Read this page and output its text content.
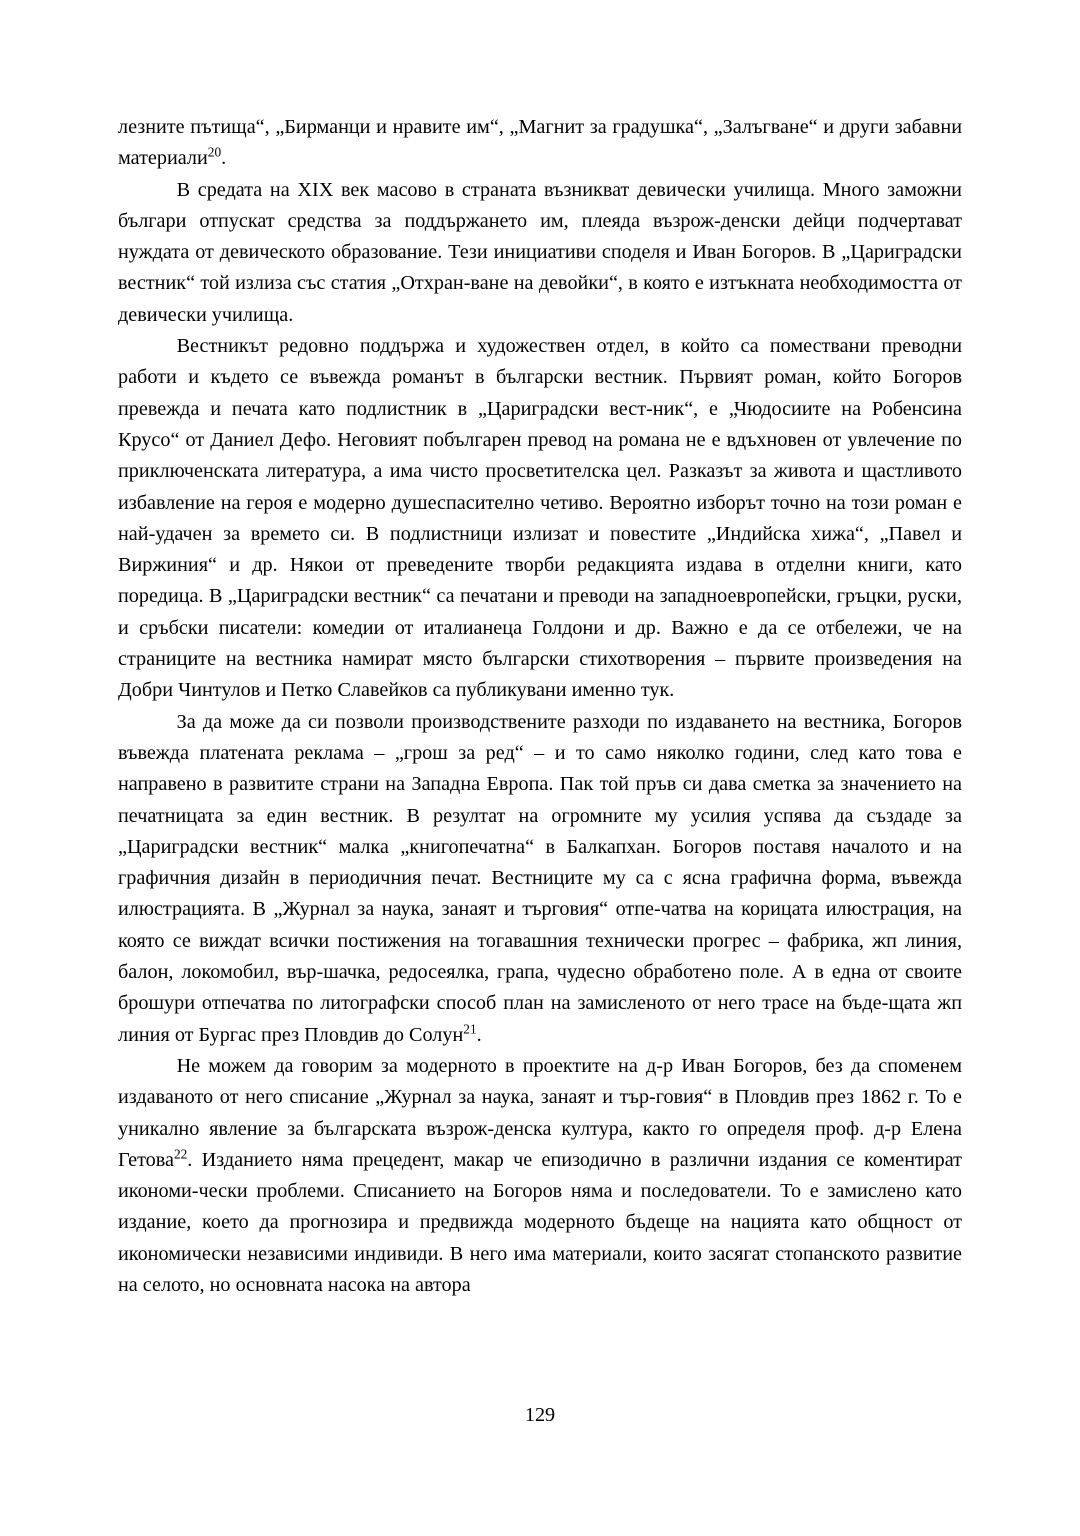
лезните пътища“, „Бирманци и нравите им“, „Магнит за градушка“, „Залъгване“ и други забавни материали$^{20}$.

В средата на XIX век масово в страната възникват девически училища. Много заможни българи отпускат средства за поддържането им, плеяда възрож‑денски дейци подчертават нуждата от девическото образование. Тези инициативи споделя и Иван Богоров. В „Цариградски вестник“ той излиза със статия „Отхран‑ване на девойки“, в която е изтъкната необходимостта от девически училища.

Вестникът редовно поддържа и художествен отдел, в който са помествани преводни работи и където се въвежда романът в български вестник. Първият роман, който Богоров превежда и печата като подлистник в „Цариградски вест‑ник“, е „Чюдосиите на Робенсина Крусо“ от Даниел Дефо. Неговият побългарен превод на романа не е вдъхновен от увлечение по приключенската литература, а има чисто просветителска цел. Разказът за живота и щастливото избавление на героя е модерно душеспасително четиво. Вероятно изборът точно на този роман е най-удачен за времето си. В подлистници излизат и повестите „Индийска хижа“, „Павел и Виржиния“ и др. Някои от преведените творби редакцията издава в отделни книги, като поредица. В „Цариградски вестник“ са печатани и преводи на западноевропейски, гръцки, руски, и сръбски писатели: комедии от италианеца Голдони и др. Важно е да се отбележи, че на страниците на вестника намират място български стихотворения – първите произведения на Добри Чинтулов и Петко Славейков са публикувани именно тук.

За да може да си позволи производствените разходи по издаването на вестника, Богоров въвежда платената реклама – „грош за ред“ – и то само няколко години, след като това е направено в развитите страни на Западна Европа. Пак той пръв си дава сметка за значението на печатницата за един вестник. В резултат на огромните му усилия успява да създаде за „Цариградски вестник“ малка „книгопечатна“ в Балкапхан. Богоров поставя началото и на графичния дизайн в периодичния печат. Вестниците му са с ясна графична форма, въвежда илюстрацията. В „Журнал за наука, занаят и търговия“ отпе‑чатва на корицата илюстрация, на която се виждат всички постижения на тогавашния технически прогрес – фабрика, жп линия, балон, локомобил, вър‑шачка, редосеялка, грапа, чудесно обработено поле. А в една от своите брошури отпечатва по литографски способ план на замисленото от него трасе на бъде‑щата жп линия от Бургас през Пловдив до Солун$^{21}$.

Не можем да говорим за модерното в проектите на д-р Иван Богоров, без да споменем издаваното от него списание „Журнал за наука, занаят и тър‑говия“ в Пловдив през 1862 г. То е уникално явление за българската възрож‑денска култура, както го определя проф. д-р Елена Гетова$^{22}$. Изданието няма прецедент, макар че епизодично в различни издания се коментират икономи‑чески проблеми. Списанието на Богоров няма и последователи. То е замислено като издание, което да прогнозира и предвижда модерното бъдеще на нацията като общност от икономически независими индивиди. В него има материали, които засягат стопанското развитие на селото, но основната насока на автора

129
